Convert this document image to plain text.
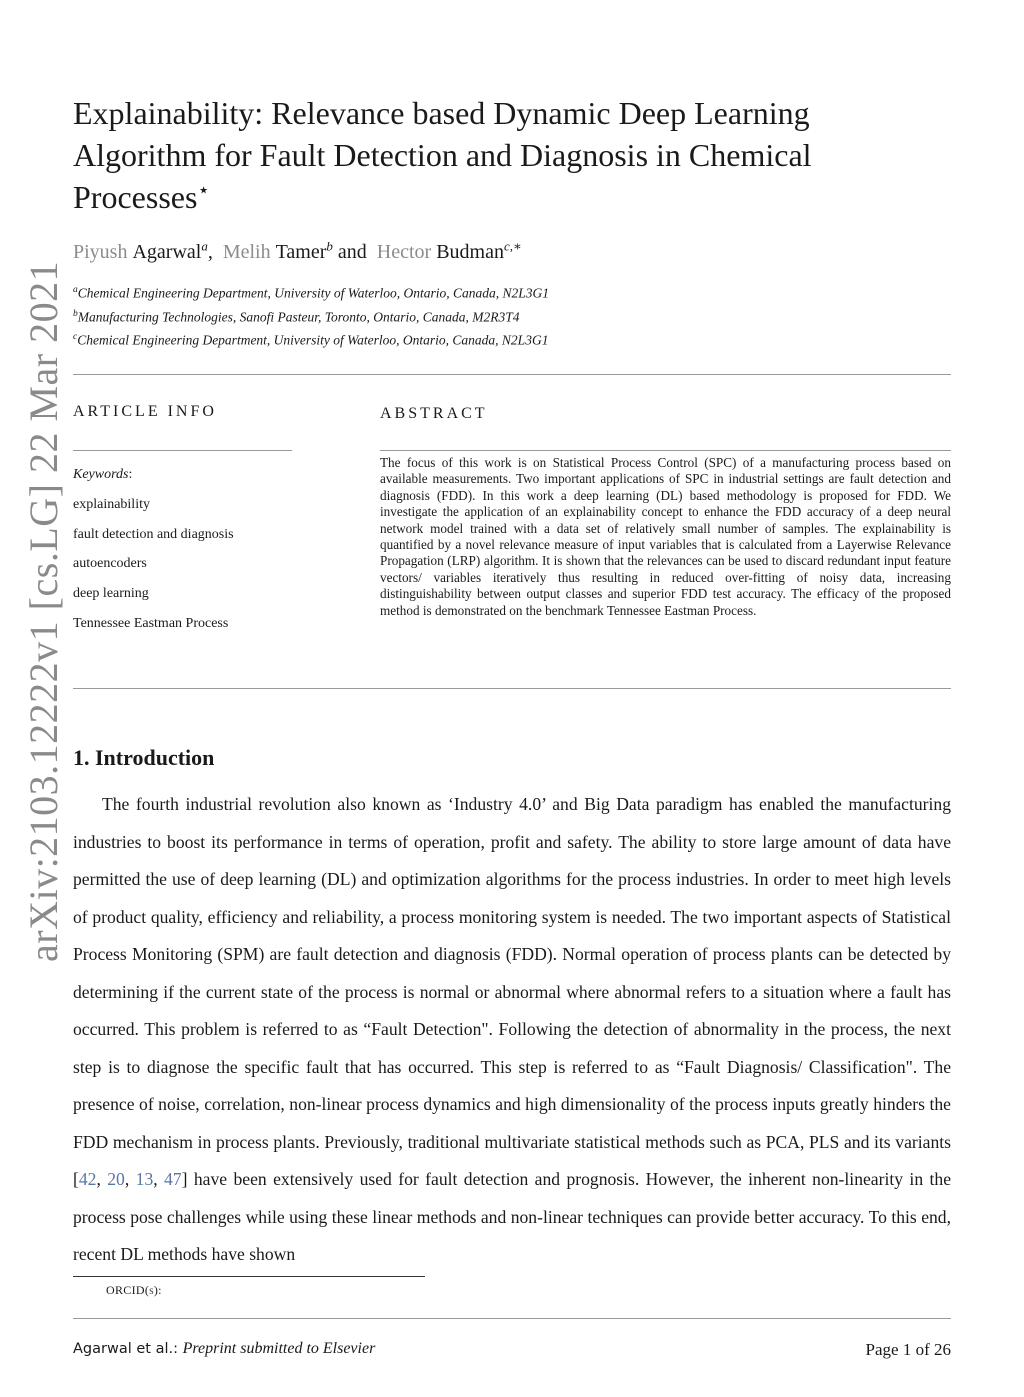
arXiv:2103.12222v1 [cs.LG] 22 Mar 2021
Explainability: Relevance based Dynamic Deep Learning
Algorithm for Fault Detection and Diagnosis in Chemical
Processes⋆
Piyush Agarwal$^a$, Melih Tamer$^b$ and Hector Budman$^{c,∗}$
$^a$Chemical Engineering Department, University of Waterloo, Ontario, Canada, N2L3G1
$^b$Manufacturing Technologies, Sanofi Pasteur, Toronto, Ontario, Canada, M2R3T4
$^c$Chemical Engineering Department, University of Waterloo, Ontario, Canada, N2L3G1
ARTICLE INFO	ABSTRACT
Keywords:
explainability
fault detection and diagnosis
autoencoders
deep learning
Tennessee Eastman Process
The focus of this work is on Statistical Process Control (SPC) of a manufacturing process based on available measurements. Two important applications of SPC in industrial settings are fault detection and diagnosis (FDD). In this work a deep learning (DL) based methodology is proposed for FDD. We investigate the application of an explainability concept to enhance the FDD accuracy of a deep neural network model trained with a data set of relatively small number of samples. The explainability is quantified by a novel relevance measure of input variables that is calculated from a Layerwise Relevance Propagation (LRP) algorithm. It is shown that the relevances can be used to discard redundant input feature vectors/ variables iteratively thus resulting in reduced over-fitting of noisy data, increasing distinguishability between output classes and superior FDD test accuracy. The efficacy of the proposed method is demonstrated on the benchmark Tennessee Eastman Process.
1. Introduction

The fourth industrial revolution also known as ‘Industry 4.0’ and Big Data paradigm has enabled the manufacturing industries to boost its performance in terms of operation, profit and safety. The ability to store large amount of data have permitted the use of deep learning (DL) and optimization algorithms for the process industries. In order to meet high levels of product quality, efficiency and reliability, a process monitoring system is needed. The two important aspects of Statistical Process Monitoring (SPM) are fault detection and diagnosis (FDD). Normal operation of process plants can be detected by determining if the current state of the process is normal or abnormal where abnormal refers to a situation where a fault has occurred. This problem is referred to as “Fault Detection". Following the detection of abnormality in the process, the next step is to diagnose the specific fault that has occurred. This step is referred to as “Fault Diagnosis/ Classification". The presence of noise, correlation, non-linear process dynamics and high dimensionality of the process inputs greatly hinders the FDD mechanism in process plants. Previously, traditional multivariate statistical methods such as PCA, PLS and its variants [42, 20, 13, 47] have been extensively used for fault detection and prognosis. However, the inherent non-linearity in the process pose challenges while using these linear methods and non-linear techniques can provide better accuracy. To this end, recent DL methods have shown

ORCID(s):
Agarwal et al.: Preprint submitted to Elsevier	Page 1 of 26
